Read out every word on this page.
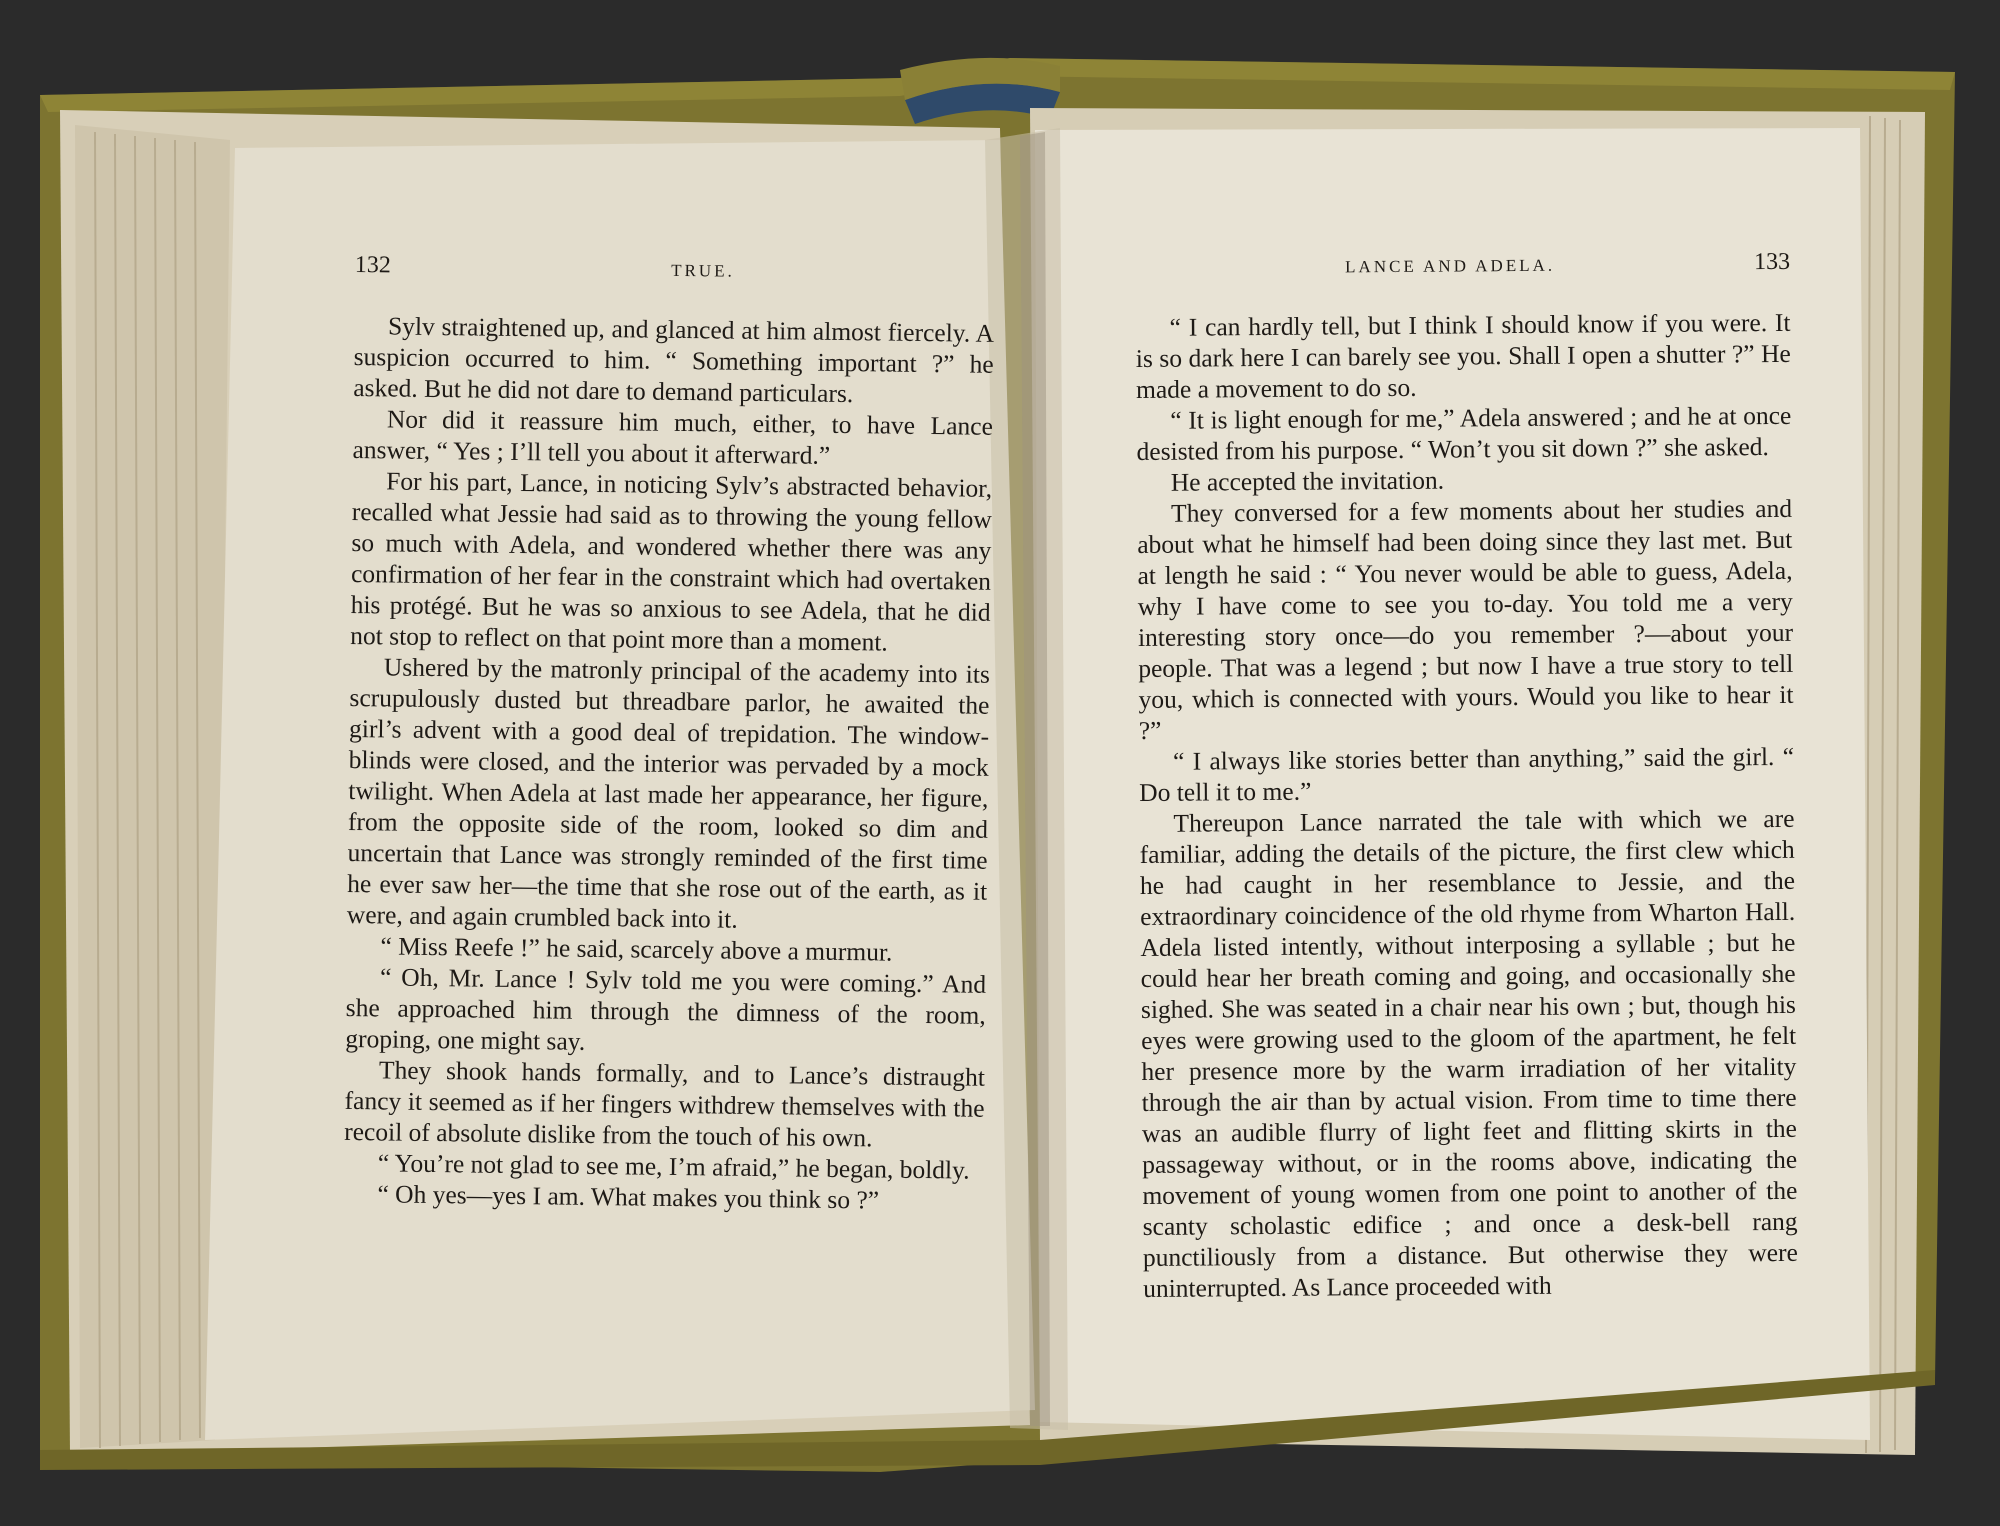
132	TRUE.

Sylv straightened up, and glanced at him almost fiercely. A suspicion occurred to him. “ Something important ?” he asked. But he did not dare to demand particulars.

Nor did it reassure him much, either, to have Lance answer, “ Yes ; I’ll tell you about it afterward.”

For his part, Lance, in noticing Sylv’s abstracted behavior, recalled what Jessie had said as to throwing the young fellow so much with Adela, and wondered whether there was any confirmation of her fear in the constraint which had overtaken his protégé. But he was so anxious to see Adela, that he did not stop to reflect on that point more than a moment.

Ushered by the matronly principal of the academy into its scrupulously dusted but threadbare parlor, he awaited the girl’s advent with a good deal of trepidation. The window-blinds were closed, and the interior was pervaded by a mock twilight. When Adela at last made her appearance, her figure, from the opposite side of the room, looked so dim and uncertain that Lance was strongly reminded of the first time he ever saw her—the time that she rose out of the earth, as it were, and again crumbled back into it.

“ Miss Reefe !” he said, scarcely above a murmur.

“ Oh, Mr. Lance ! Sylv told me you were coming.” And she approached him through the dimness of the room, groping, one might say.

They shook hands formally, and to Lance’s distraught fancy it seemed as if her fingers withdrew themselves with the recoil of absolute dislike from the touch of his own.

“ You’re not glad to see me, I’m afraid,” he began, boldly.

“ Oh yes—yes I am. What makes you think so ?”

LANCE AND ADELA.	133

“ I can hardly tell, but I think I should know if you were. It is so dark here I can barely see you. Shall I open a shutter ?” He made a movement to do so.

“ It is light enough for me,” Adela answered ; and he at once desisted from his purpose. “ Won’t you sit down ?” she asked.

He accepted the invitation.

They conversed for a few moments about her studies and about what he himself had been doing since they last met. But at length he said : “ You never would be able to guess, Adela, why I have come to see you to-day. You told me a very interesting story once—do you remember ?—about your people. That was a legend ; but now I have a true story to tell you, which is connected with yours. Would you like to hear it ?”

“ I always like stories better than anything,” said the girl. “ Do tell it to me.”

Thereupon Lance narrated the tale with which we are familiar, adding the details of the picture, the first clew which he had caught in her resemblance to Jessie, and the extraordinary coincidence of the old rhyme from Wharton Hall. Adela listed intently, without interposing a syllable ; but he could hear her breath coming and going, and occasionally she sighed. She was seated in a chair near his own ; but, though his eyes were growing used to the gloom of the apartment, he felt her presence more by the warm irradiation of her vitality through the air than by actual vision. From time to time there was an audible flurry of light feet and flitting skirts in the passageway without, or in the rooms above, indicating the movement of young women from one point to another of the scanty scholastic edifice ; and once a desk-bell rang punctiliously from a distance. But otherwise they were uninterrupted. As Lance proceeded with
